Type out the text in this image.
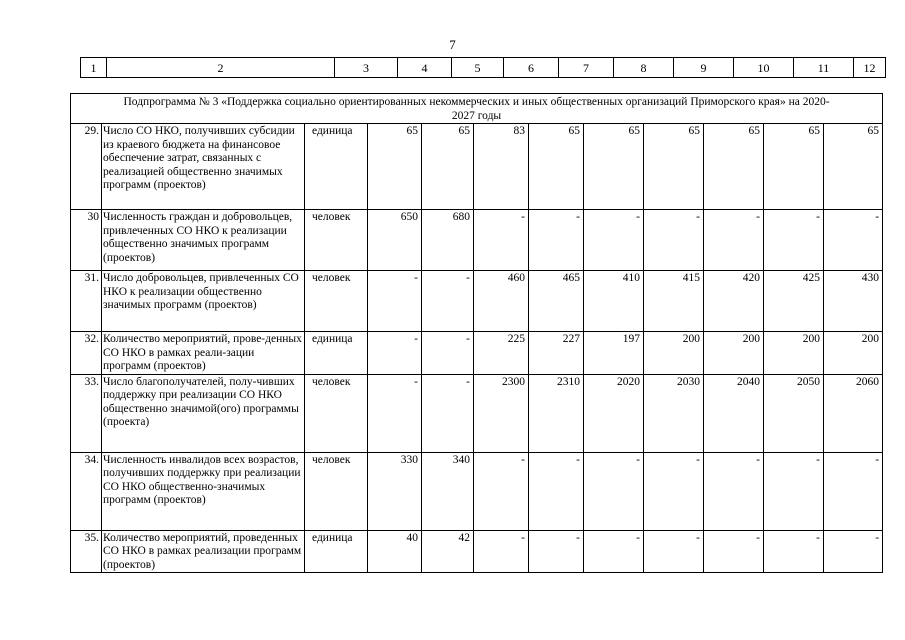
7
1	2	3	4	5	6	7	8	9	10	11	12
Подпрограмма № 3 «Поддержка социально ориентированных некоммерческих и иных общественных организаций Приморского края» на 2020-2027 годы											
29.	Число СО НКО, получивших субсидии из краевого бюджета на финансовое обеспечение затрат, связанных с реализацией общественно значимых программ (проектов)	единица	65	65	83	65	65	65	65	65	65
30	Численность граждан и добровольцев, привлеченных СО НКО к реализации общественно значимых программ (проектов)	человек	650	680	-	-	-	-	-	-	-
31.	Число добровольцев, привлеченных СО НКО к реализации общественно значимых программ (проектов)	человек	-	-	460	465	410	415	420	425	430
32.	Количество мероприятий, прове-денных СО НКО в рамках реали-зации программ (проектов)	единица	-	-	225	227	197	200	200	200	200
33.	Число благополучателей, полу-чивших поддержку при реализации СО НКО общественно значимой(ого) программы (проекта)	человек	-	-	2300	2310	2020	2030	2040	2050	2060
34.	Численность инвалидов всех возрастов, получивших поддержку при реализации СО НКО общественно-значимых программ (проектов)	человек	330	340	-	-	-	-	-	-	-
35.	Количество мероприятий, проведенных СО НКО в рамках реализации программ (проектов)	единица	40	42	-	-	-	-	-	-	-
